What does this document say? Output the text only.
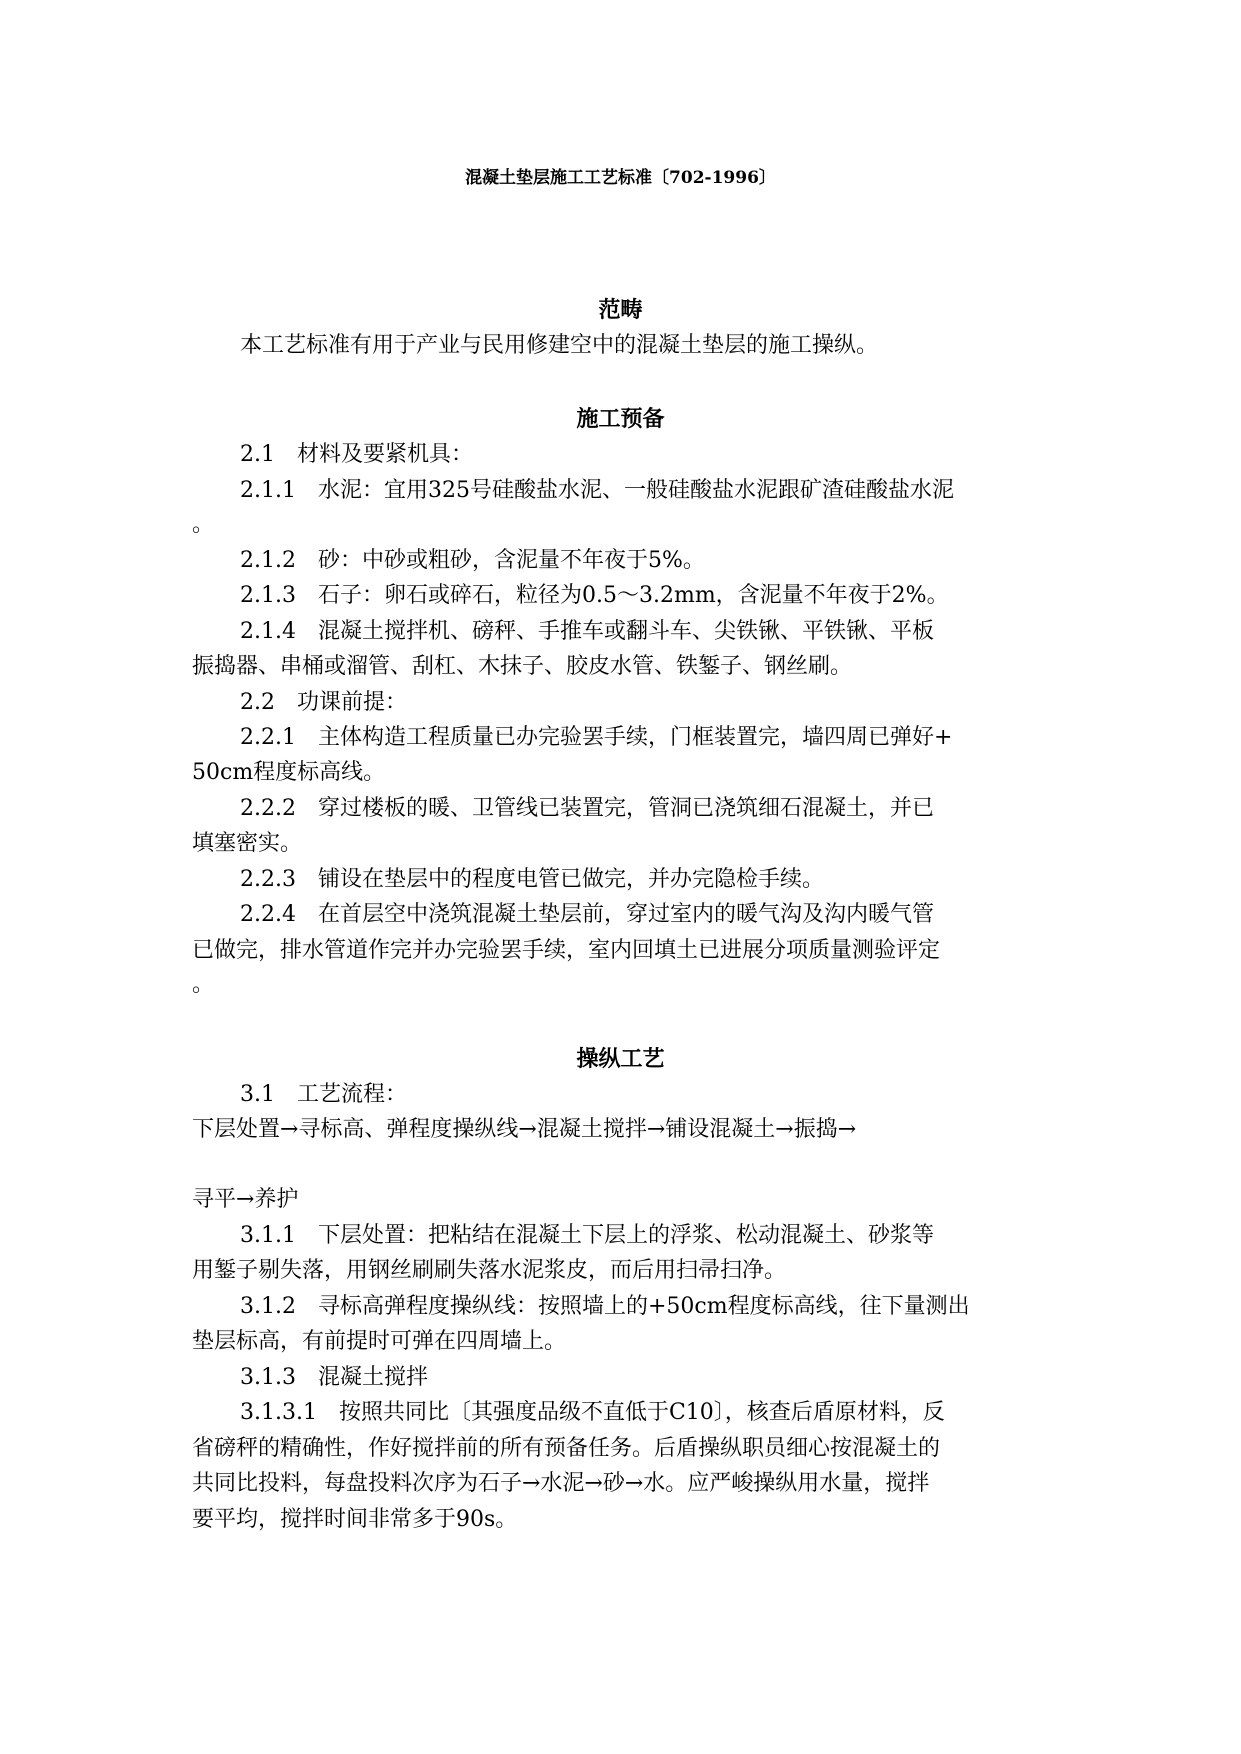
混凝土垫层施工工艺标准〔702-1996〕
范畴
本工艺标准有用于产业与民用修建空中的混凝土垫层的施工操纵。
施工预备
2.1　材料及要紧机具：
2.1.1　水泥：宜用325号硅酸盐水泥、一般硅酸盐水泥跟矿渣硅酸盐水泥
。
2.1.2　砂：中砂或粗砂，含泥量不年夜于5%。
2.1.3　石子：卵石或碎石，粒径为0.5～3.2mm，含泥量不年夜于2%。
2.1.4　混凝土搅拌机、磅秤、手推车或翻斗车、尖铁锹、平铁锹、平板
振捣器、串桶或溜管、刮杠、木抹子、胶皮水管、铁錾子、钢丝刷。
2.2　功课前提：
2.2.1　主体构造工程质量已办完验罢手续，门框装置完，墙四周已弹好+
50cm程度标高线。
2.2.2　穿过楼板的暖、卫管线已装置完，管洞已浇筑细石混凝土，并已
填塞密实。
2.2.3　铺设在垫层中的程度电管已做完，并办完隐检手续。
2.2.4　在首层空中浇筑混凝土垫层前，穿过室内的暖气沟及沟内暖气管
已做完，排水管道作完并办完验罢手续，室内回填土已进展分项质量测验评定
。
操纵工艺
3.1　工艺流程：
下层处置→寻标高、弹程度操纵线→混凝土搅拌→铺设混凝土→振捣→
寻平→养护
3.1.1　下层处置：把粘结在混凝土下层上的浮浆、松动混凝土、砂浆等
用錾子剔失落，用钢丝刷刷失落水泥浆皮，而后用扫帚扫净。
3.1.2　寻标高弹程度操纵线：按照墙上的+50cm程度标高线，往下量测出
垫层标高，有前提时可弹在四周墙上。
3.1.3　混凝土搅拌
3.1.3.1　按照共同比〔其强度品级不直低于C10〕，核查后盾原材料，反
省磅秤的精确性，作好搅拌前的所有预备任务。后盾操纵职员细心按混凝土的
共同比投料，每盘投料次序为石子→水泥→砂→水。应严峻操纵用水量，搅拌
要平均，搅拌时间非常多于90s。
